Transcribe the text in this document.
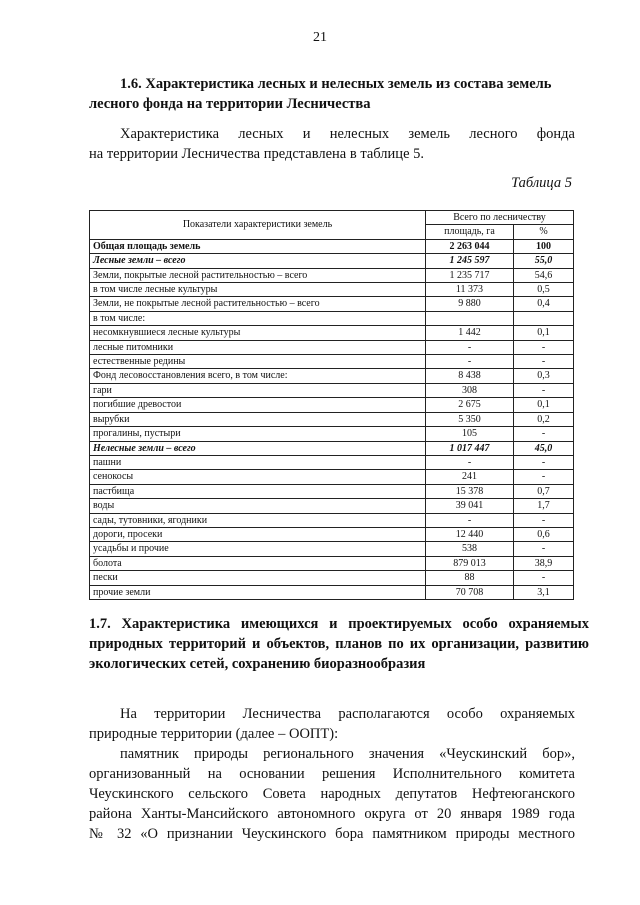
21
1.6. Характеристика лесных и нелесных земель из состава земель лесного фонда на территории Лесничества
Характеристика лесных и нелесных земель лесного фонда
на территории Лесничества представлена в таблице 5.
Таблица 5
Показатели характеристики земель	Всего по лесничеству	
	площадь, га	%
Общая площадь земель	2 263 044	100
Лесные земли – всего	1 245 597	55,0
Земли, покрытые лесной растительностью – всего	1 235 717	54,6
в том числе лесные культуры	11 373	0,5
Земли, не покрытые лесной растительностью – всего	9 880	0,4
в том числе:		
несомкнувшиеся лесные культуры	1 442	0,1
лесные питомники	-	-
естественные редины	-	-
Фонд лесовосстановления всего, в том числе:	8 438	0,3
гари	308	-
погибшие древостои	2 675	0,1
вырубки	5 350	0,2
прогалины, пустыри	105	-
Нелесные земли – всего	1 017 447	45,0
пашни	-	-
сенокосы	241	-
пастбища	15 378	0,7
воды	39 041	1,7
сады, тутовники, ягодники	-	-
дороги, просеки	12 440	0,6
усадьбы и прочие	538	-
болота	879 013	38,9
пески	88	-
прочие земли	70 708	3,1
1.7. Характеристика имеющихся и проектируемых особо охраняемых природных территорий и объектов, планов по их организации, развитию экологических сетей, сохранению биоразнообразия
На территории Лесничества располагаются особо охраняемых
природные территории (далее – ООПТ):
памятник природы регионального значения «Чеускинский бор»,
организованный на основании решения Исполнительного комитета
Чеускинского сельского Совета народных депутатов Нефтеюганского
района Ханты-Мансийского автономного округа от 20 января 1989 года
№ 32 «О признании Чеускинского бора памятником природы местного
